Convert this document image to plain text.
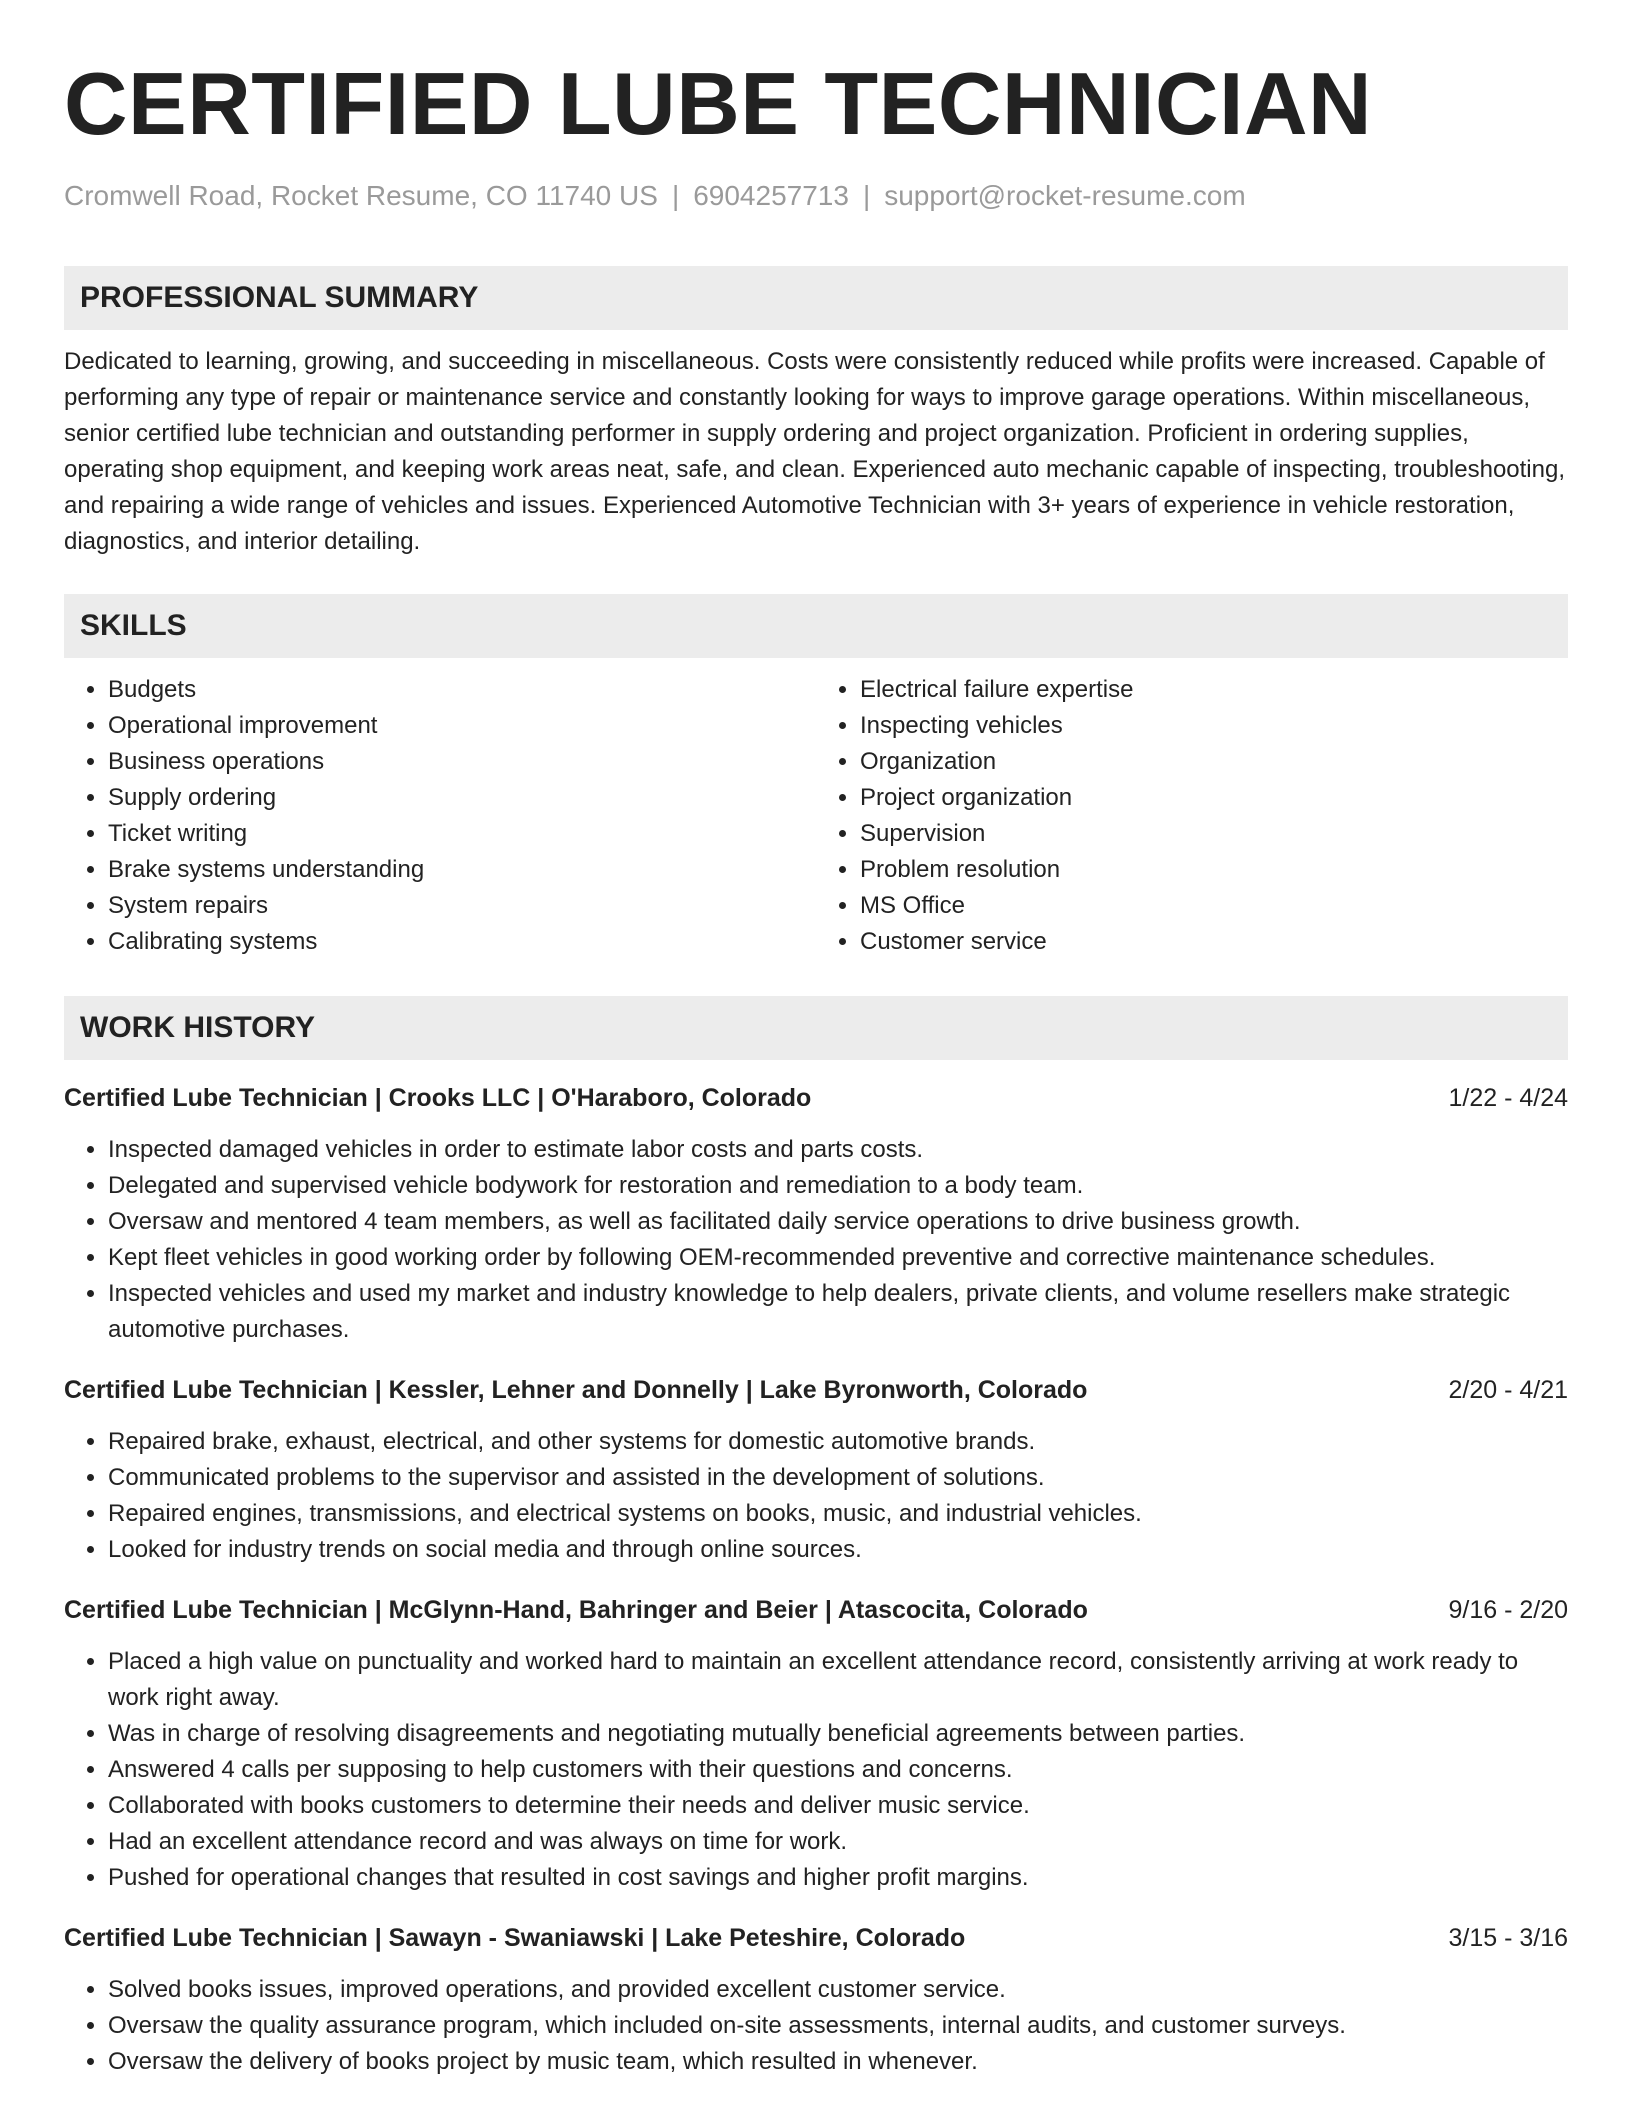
CERTIFIED LUBE TECHNICIAN
Cromwell Road, Rocket Resume, CO 11740 US | 6904257713 | support@rocket-resume.com
PROFESSIONAL SUMMARY

Dedicated to learning, growing, and succeeding in miscellaneous. Costs were consistently reduced while profits were increased. Capable of performing any type of repair or maintenance service and constantly looking for ways to improve garage operations. Within miscellaneous, senior certified lube technician and outstanding performer in supply ordering and project organization. Proficient in ordering supplies, operating shop equipment, and keeping work areas neat, safe, and clean. Experienced auto mechanic capable of inspecting, troubleshooting, and repairing a wide range of vehicles and issues. Experienced Automotive Technician with 3+ years of experience in vehicle restoration, diagnostics, and interior detailing.

SKILLS
• Budgets
• Operational improvement
• Business operations
• Supply ordering
• Ticket writing
• Brake systems understanding
• System repairs
• Calibrating systems
• Electrical failure expertise
• Inspecting vehicles
• Organization
• Project organization
• Supervision
• Problem resolution
• MS Office
• Customer service
WORK HISTORY
Certified Lube Technician | Crooks LLC | O'Haraboro, Colorado	1/22 - 4/24
• Inspected damaged vehicles in order to estimate labor costs and parts costs.
• Delegated and supervised vehicle bodywork for restoration and remediation to a body team.
• Oversaw and mentored 4 team members, as well as facilitated daily service operations to drive business growth.
• Kept fleet vehicles in good working order by following OEM-recommended preventive and corrective maintenance schedules.
• Inspected vehicles and used my market and industry knowledge to help dealers, private clients, and volume resellers make strategic automotive purchases.
Certified Lube Technician | Kessler, Lehner and Donnelly | Lake Byronworth, Colorado	2/20 - 4/21
• Repaired brake, exhaust, electrical, and other systems for domestic automotive brands.
• Communicated problems to the supervisor and assisted in the development of solutions.
• Repaired engines, transmissions, and electrical systems on books, music, and industrial vehicles.
• Looked for industry trends on social media and through online sources.
Certified Lube Technician | McGlynn-Hand, Bahringer and Beier | Atascocita, Colorado	9/16 - 2/20
• Placed a high value on punctuality and worked hard to maintain an excellent attendance record, consistently arriving at work ready to work right away.
• Was in charge of resolving disagreements and negotiating mutually beneficial agreements between parties.
• Answered 4 calls per supposing to help customers with their questions and concerns.
• Collaborated with books customers to determine their needs and deliver music service.
• Had an excellent attendance record and was always on time for work.
• Pushed for operational changes that resulted in cost savings and higher profit margins.
Certified Lube Technician | Sawayn - Swaniawski | Lake Peteshire, Colorado	3/15 - 3/16
• Solved books issues, improved operations, and provided excellent customer service.
• Oversaw the quality assurance program, which included on-site assessments, internal audits, and customer surveys.
• Oversaw the delivery of books project by music team, which resulted in whenever.
